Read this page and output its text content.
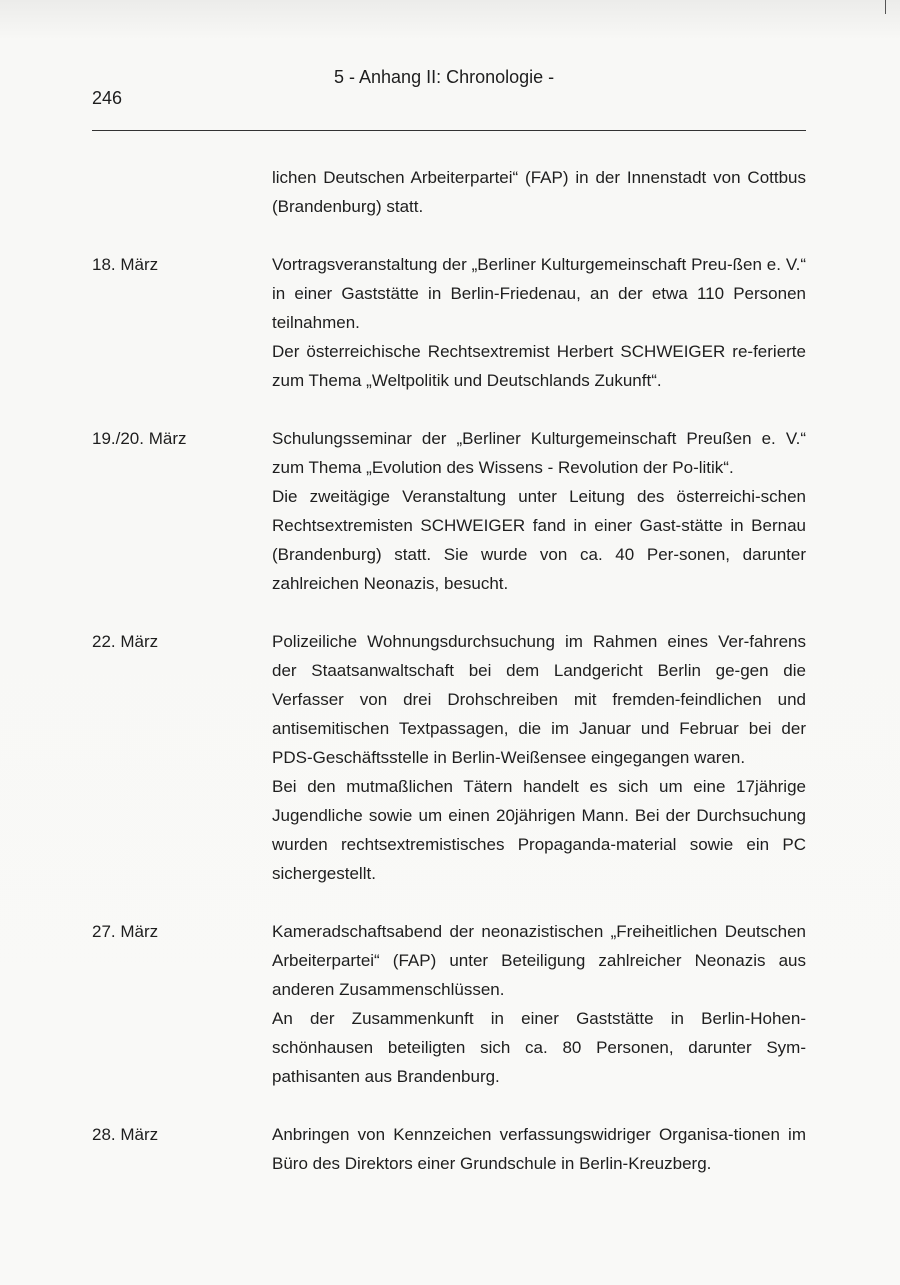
5 - Anhang II: Chronologie -
246

lichen Deutschen Arbeiterpartei“ (FAP) in der Innenstadt von Cottbus (Brandenburg) statt.

18. März	Vortragsveranstaltung der „Berliner Kulturgemeinschaft Preu-ßen e. V.“ in einer Gaststätte in Berlin-Friedenau, an der etwa 110 Personen teilnahmen.

Der österreichische Rechtsextremist Herbert SCHWEIGER re-ferierte zum Thema „Weltpolitik und Deutschlands Zukunft“.

19./20. März	Schulungsseminar der „Berliner Kulturgemeinschaft Preußen e. V.“ zum Thema „Evolution des Wissens - Revolution der Po-litik“.

Die zweitägige Veranstaltung unter Leitung des österreichi-schen Rechtsextremisten SCHWEIGER fand in einer Gast-stätte in Bernau (Brandenburg) statt. Sie wurde von ca. 40 Per-sonen, darunter zahlreichen Neonazis, besucht.

22. März	Polizeiliche Wohnungsdurchsuchung im Rahmen eines Ver-fahrens der Staatsanwaltschaft bei dem Landgericht Berlin ge-gen die Verfasser von drei Drohschreiben mit fremden-feindlichen und antisemitischen Textpassagen, die im Januar und Februar bei der PDS-Geschäftsstelle in Berlin-Weißensee eingegangen waren.

Bei den mutmaßlichen Tätern handelt es sich um eine 17jährige Jugendliche sowie um einen 20jährigen Mann. Bei der Durchsuchung wurden rechtsextremistisches Propaganda-material sowie ein PC sichergestellt.

27. März	Kameradschaftsabend der neonazistischen „Freiheitlichen Deutschen Arbeiterpartei“ (FAP) unter Beteiligung zahlreicher Neonazis aus anderen Zusammenschlüssen.

An der Zusammenkunft in einer Gaststätte in Berlin-Hohen-schönhausen beteiligten sich ca. 80 Personen, darunter Sym-pathisanten aus Brandenburg.

28. März	Anbringen von Kennzeichen verfassungswidriger Organisa-tionen im Büro des Direktors einer Grundschule in Berlin-Kreuzberg.
